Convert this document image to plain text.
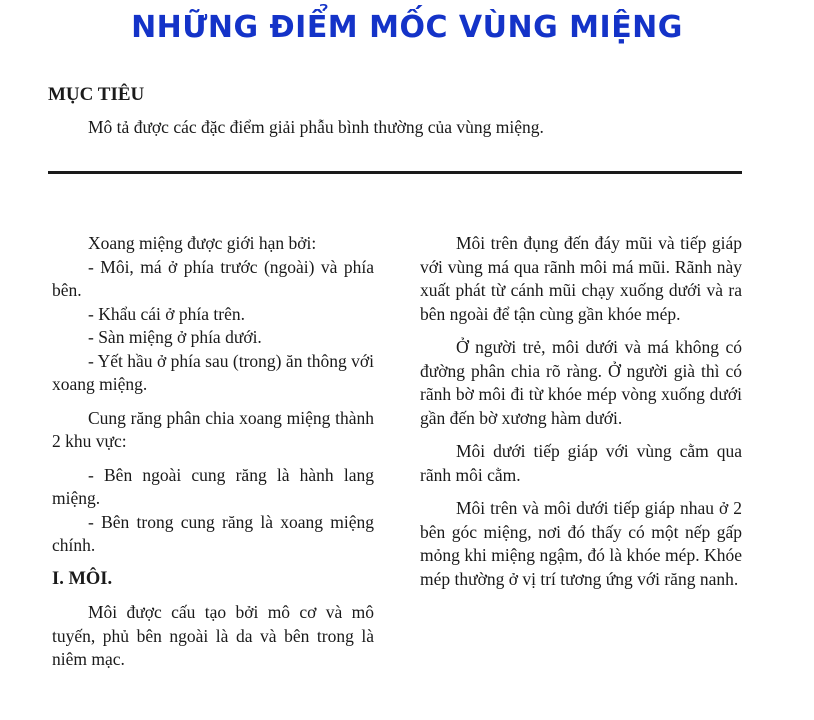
NHỮNG ĐIỂM MỐC VÙNG MIỆNG
MỤC TIÊU

Mô tả được các đặc điểm giải phẫu bình thường của vùng miệng.

Xoang miệng được giới hạn bởi:

- Môi, má ở phía trước (ngoài) và phía bên.

- Khẩu cái ở phía trên.

- Sàn miệng ở phía dưới.

- Yết hầu ở phía sau (trong) ăn thông với xoang miệng.

Cung răng phân chia xoang miệng thành 2 khu vực:

- Bên ngoài cung răng là hành lang miệng.

- Bên trong cung răng là xoang miệng chính.

I. MÔI.

Môi được cấu tạo bởi mô cơ và mô tuyến, phủ bên ngoài là da và bên trong là niêm mạc.

Môi trên đụng đến đáy mũi và tiếp giáp với vùng má qua rãnh môi má mũi. Rãnh này xuất phát từ cánh mũi chạy xuống dưới và ra bên ngoài để tận cùng gần khóe mép.

Ở người trẻ, môi dưới và má không có đường phân chia rõ ràng. Ở người già thì có rãnh bờ môi đi từ khóe mép vòng xuống dưới gần đến bờ xương hàm dưới.

Môi dưới tiếp giáp với vùng cằm qua rãnh môi cằm.

Môi trên và môi dưới tiếp giáp nhau ở 2 bên góc miệng, nơi đó thấy có một nếp gấp mỏng khi miệng ngậm, đó là khóe mép. Khóe mép thường ở vị trí tương ứng với răng nanh.
